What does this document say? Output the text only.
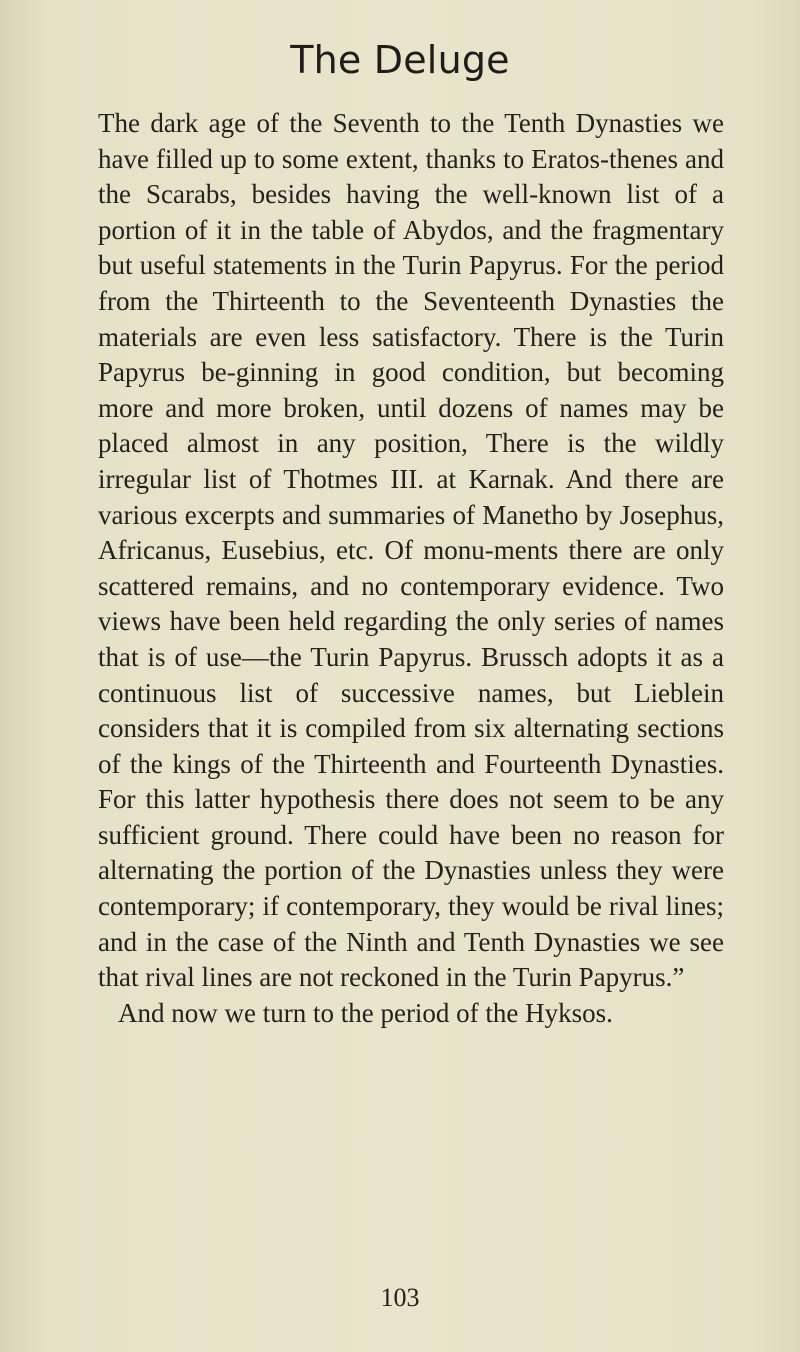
The Deluge

The dark age of the Seventh to the Tenth Dynasties we have filled up to some extent, thanks to Eratos-thenes and the Scarabs, besides having the well-known list of a portion of it in the table of Abydos, and the fragmentary but useful statements in the Turin Papyrus. For the period from the Thirteenth to the Seventeenth Dynasties the materials are even less satisfactory. There is the Turin Papyrus be-ginning in good condition, but becoming more and more broken, until dozens of names may be placed almost in any position, There is the wildly irregular list of Thotmes III. at Karnak. And there are various excerpts and summaries of Manetho by Josephus, Africanus, Eusebius, etc. Of monu-ments there are only scattered remains, and no contemporary evidence. Two views have been held regarding the only series of names that is of use—the Turin Papyrus. Brussch adopts it as a continuous list of successive names, but Lieblein considers that it is compiled from six alternating sections of the kings of the Thirteenth and Fourteenth Dynasties. For this latter hypothesis there does not seem to be any sufficient ground. There could have been no reason for alternating the portion of the Dynasties unless they were contemporary; if contemporary, they would be rival lines; and in the case of the Ninth and Tenth Dynasties we see that rival lines are not reckoned in the Turin Papyrus.”

And now we turn to the period of the Hyksos.

103
